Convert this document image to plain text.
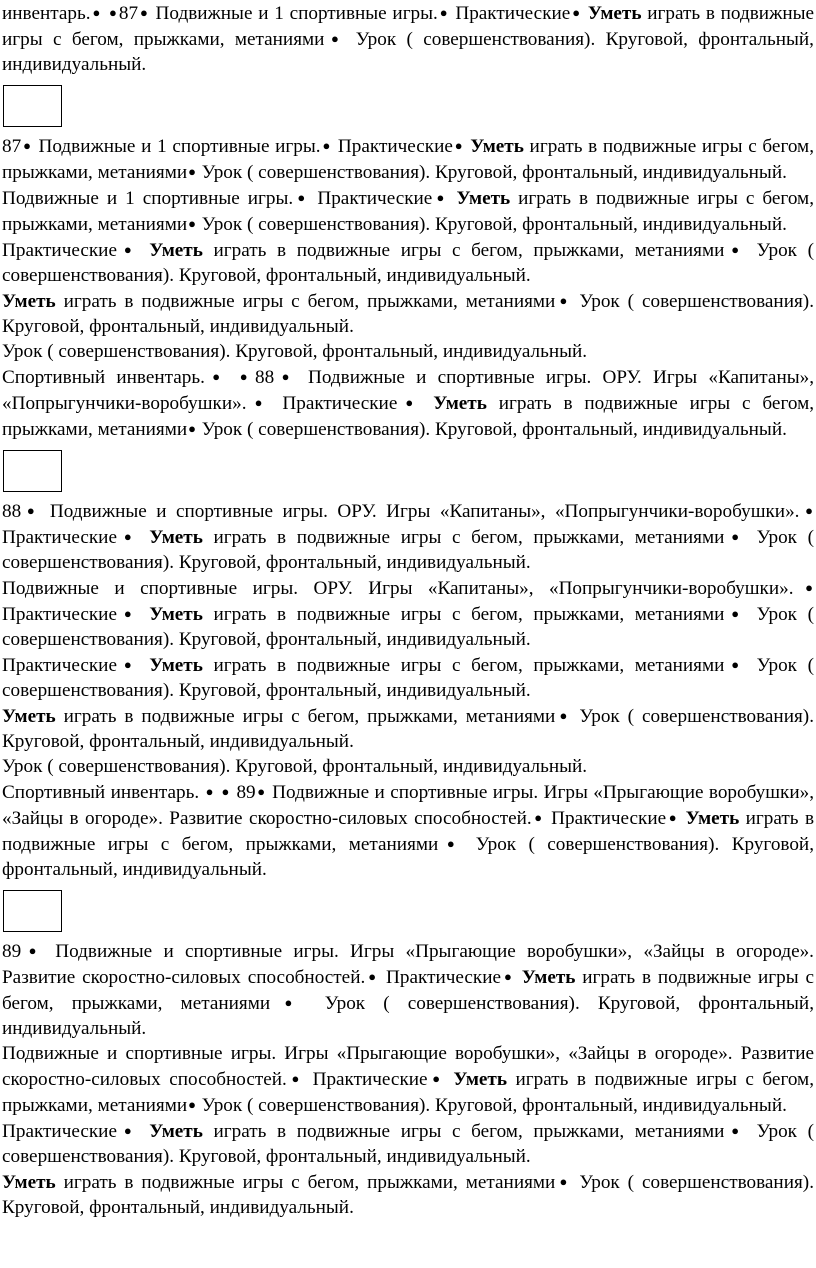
инвентарь.● ●87● Подвижные и 1 спортивные игры.● Практические● Уметь играть в подвижные игры с бегом, прыжками, метаниями● Урок ( совершенствования). Круговой, фронтальный, индивидуальный.

87● Подвижные и 1 спортивные игры.● Практические● Уметь играть в подвижные игры с бегом, прыжками, метаниями● Урок ( совершенствования). Круговой, фронтальный, индивидуальный.

Подвижные и 1 спортивные игры.● Практические● Уметь играть в подвижные игры с бегом, прыжками, метаниями● Урок ( совершенствования). Круговой, фронтальный, индивидуальный.

Практические● Уметь играть в подвижные игры с бегом, прыжками, метаниями● Урок ( совершенствования). Круговой, фронтальный, индивидуальный.

Уметь играть в подвижные игры с бегом, прыжками, метаниями● Урок ( совершенствования). Круговой, фронтальный, индивидуальный.

Урок ( совершенствования). Круговой, фронтальный, индивидуальный.

Спортивный инвентарь.● ●88● Подвижные и спортивные игры. ОРУ. Игры «Капитаны», «Попрыгунчики-воробушки».● Практические● Уметь играть в подвижные игры с бегом, прыжками, метаниями● Урок ( совершенствования). Круговой, фронтальный, индивидуальный.

88● Подвижные и спортивные игры. ОРУ. Игры «Капитаны», «Попрыгунчики-воробушки».● Практические● Уметь играть в подвижные игры с бегом, прыжками, метаниями● Урок ( совершенствования). Круговой, фронтальный, индивидуальный.

Подвижные и спортивные игры. ОРУ. Игры «Капитаны», «Попрыгунчики-воробушки».● Практические● Уметь играть в подвижные игры с бегом, прыжками, метаниями● Урок ( совершенствования). Круговой, фронтальный, индивидуальный.

Практические● Уметь играть в подвижные игры с бегом, прыжками, метаниями● Урок ( совершенствования). Круговой, фронтальный, индивидуальный.

Уметь играть в подвижные игры с бегом, прыжками, метаниями● Урок ( совершенствования). Круговой, фронтальный, индивидуальный.

Урок ( совершенствования). Круговой, фронтальный, индивидуальный.

Спортивный инвентарь. ● ● 89● Подвижные и спортивные игры. Игры «Прыгающие воробушки», «Зайцы в огороде». Развитие скоростно-силовых способностей.● Практические● Уметь играть в подвижные игры с бегом, прыжками, метаниями● Урок ( совершенствования). Круговой, фронтальный, индивидуальный.

89● Подвижные и спортивные игры. Игры «Прыгающие воробушки», «Зайцы в огороде». Развитие скоростно-силовых способностей.● Практические● Уметь играть в подвижные игры с бегом, прыжками, метаниями● Урок ( совершенствования). Круговой, фронтальный, индивидуальный.

Подвижные и спортивные игры. Игры «Прыгающие воробушки», «Зайцы в огороде». Развитие скоростно-силовых способностей.● Практические● Уметь играть в подвижные игры с бегом, прыжками, метаниями● Урок ( совершенствования). Круговой, фронтальный, индивидуальный.

Практические● Уметь играть в подвижные игры с бегом, прыжками, метаниями● Урок ( совершенствования). Круговой, фронтальный, индивидуальный.

Уметь играть в подвижные игры с бегом, прыжками, метаниями● Урок ( совершенствования). Круговой, фронтальный, индивидуальный.
